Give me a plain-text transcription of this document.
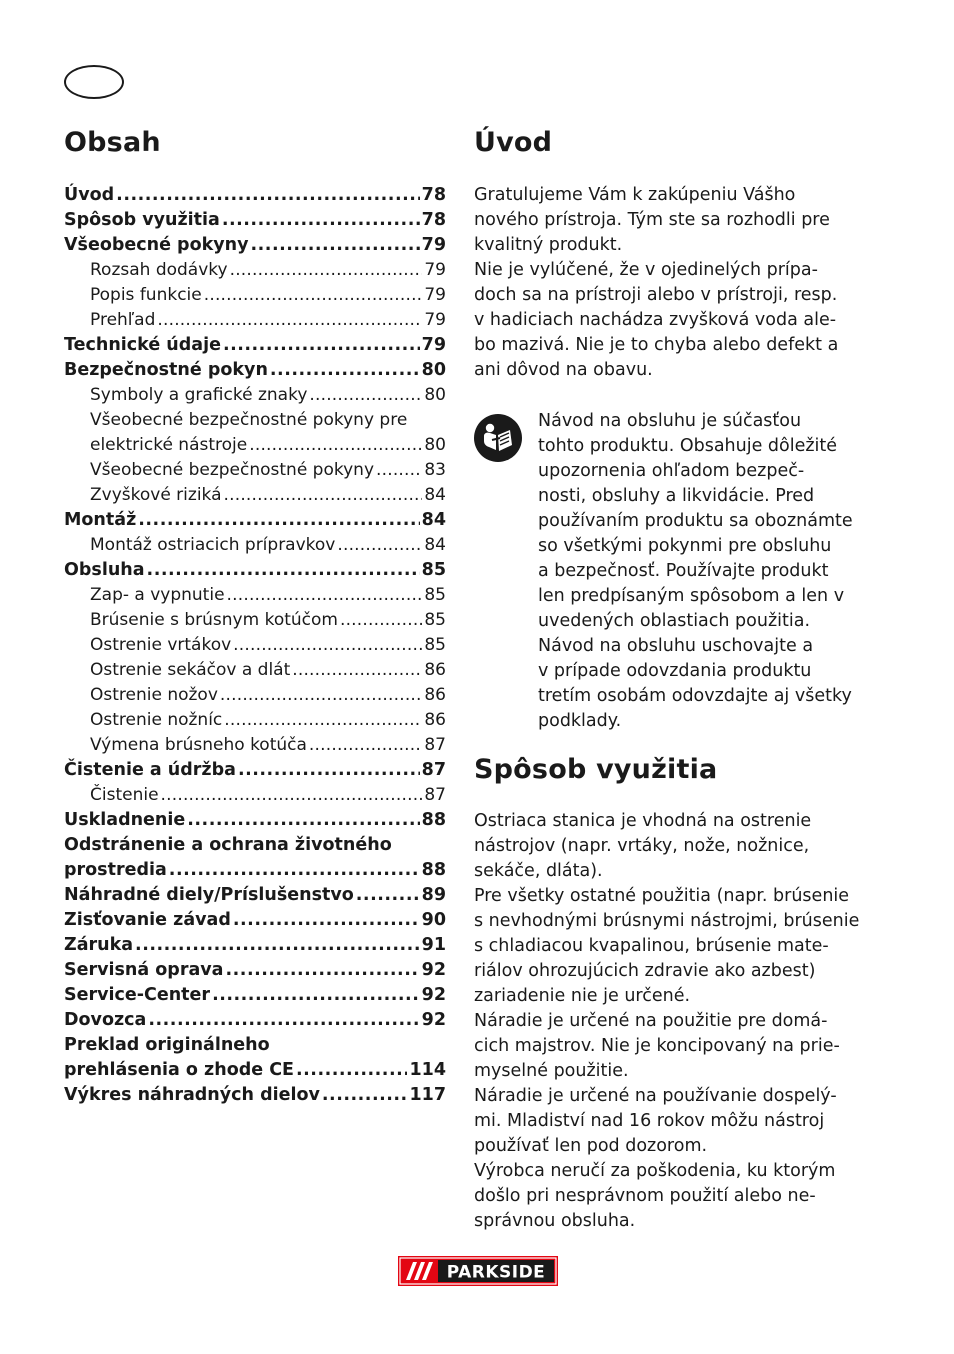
Obsah
Úvod .....	78
Spôsob využitia .....	78
Všeobecné pokyny .....	79
Rozsah dodávky .....	79
Popis funkcie .....	79
Prehľad .....	79
Technické údaje .....	79
Bezpečnostné pokyn .....	80
Symboly a grafické znaky .....	80
Všeobecné bezpečnostné pokyny pre
elektrické nástroje .....	80
Všeobecné bezpečnostné pokyny .....	83
Zvyškové riziká .....	84
Montáž .....	84
Montáž ostriacich prípravkov .....	84
Obsluha .....	85
Zap- a vypnutie .....	85
Brúsenie s brúsnym kotúčom .....	85
Ostrenie vrtákov .....	85
Ostrenie sekáčov a dlát .....	86
Ostrenie nožov .....	86
Ostrenie nožníc .....	86
Výmena brúsneho kotúča .....	87
Čistenie a údržba .....	87
Čistenie .....	87
Uskladnenie .....	88
Odstránenie a ochrana životného
prostredia .....	88
Náhradné diely/Príslušenstvo .....	89
Zisťovanie závad .....	90
Záruka .....	91
Servisná oprava .....	92
Service-Center .....	92
Dovozca .....	92
Preklad originálneho
prehlásenia o zhode CE .....	114
Výkres náhradných dielov .....	117
Úvod

Gratulujeme Vám k zakúpeniu Vášho
nového prístroja. Tým ste sa rozhodli pre
kvalitný produkt.
Nie je vylúčené, že v ojedinelých prípa-
doch sa na prístroji alebo v prístroji, resp.
v hadiciach nachádza zvyšková voda ale-
bo mazivá. Nie je to chyba alebo defekt a
ani dôvod na obavu.

Návod na obsluhu je súčasťou
tohto produktu. Obsahuje dôležité
upozornenia ohľadom bezpeč-
nosti, obsluhy a likvidácie. Pred
používaním produktu sa oboznámte
so všetkými pokynmi pre obsluhu
a bezpečnosť. Používajte produkt
len predpísaným spôsobom a len v
uvedených oblastiach použitia.
Návod na obsluhu uschovajte a
v prípade odovzdania produktu
tretím osobám odovzdajte aj všetky
podklady.

Spôsob využitia

Ostriaca stanica je vhodná na ostrenie
nástrojov (napr. vrtáky, nože, nožnice,
sekáče, dláta).
Pre všetky ostatné použitia (napr. brúsenie
s nevhodnými brúsnymi nástrojmi, brúsenie
s chladiacou kvapalinou, brúsenie mate-
riálov ohrozujúcich zdravie ako azbest)
zariadenie nie je určené.
Náradie je určené na použitie pre domá-
cich majstrov. Nie je koncipovaný na prie-
myselné použitie.
Náradie je určené na používanie dospelý-
mi. Mladiství nad 16 rokov môžu nástroj
používať len pod dozorom.
Výrobca neručí za poškodenia, ku ktorým
došlo pri nesprávnom použití alebo ne-
správnou obsluha.

PARKSIDE
